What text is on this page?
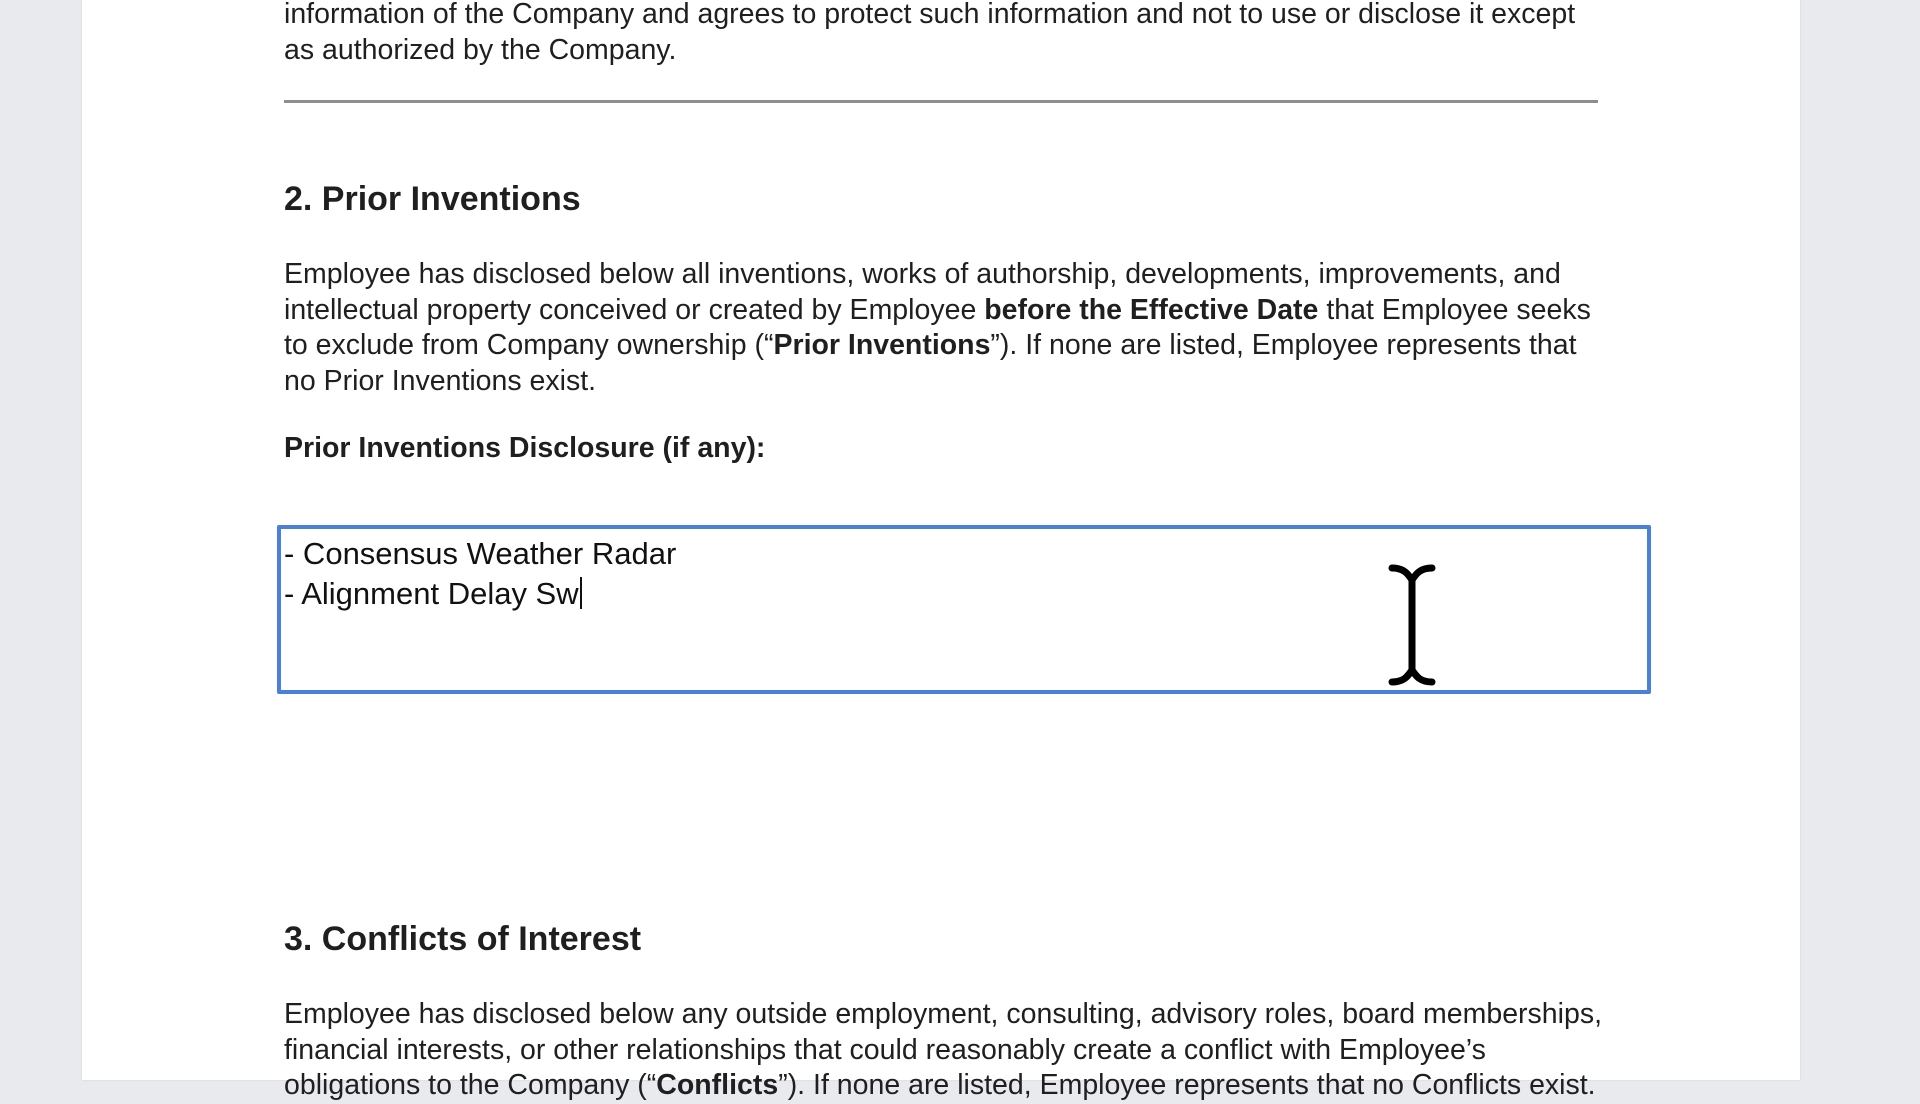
information of the Company and agrees to protect such information and not to use or disclose it except as authorized by the Company.

2. Prior Inventions

Employee has disclosed below all inventions, works of authorship, developments, improvements, and intellectual property conceived or created by Employee before the Effective Date that Employee seeks to exclude from Company ownership (“Prior Inventions”). If none are listed, Employee represents that no Prior Inventions exist.

Prior Inventions Disclosure (if any):
- Consensus Weather Radar
- Alignment Delay Sw
3. Conflicts of Interest

Employee has disclosed below any outside employment, consulting, advisory roles, board memberships, financial interests, or other relationships that could reasonably create a conflict with Employee’s obligations to the Company (“Conflicts”). If none are listed, Employee represents that no Conflicts exist.
